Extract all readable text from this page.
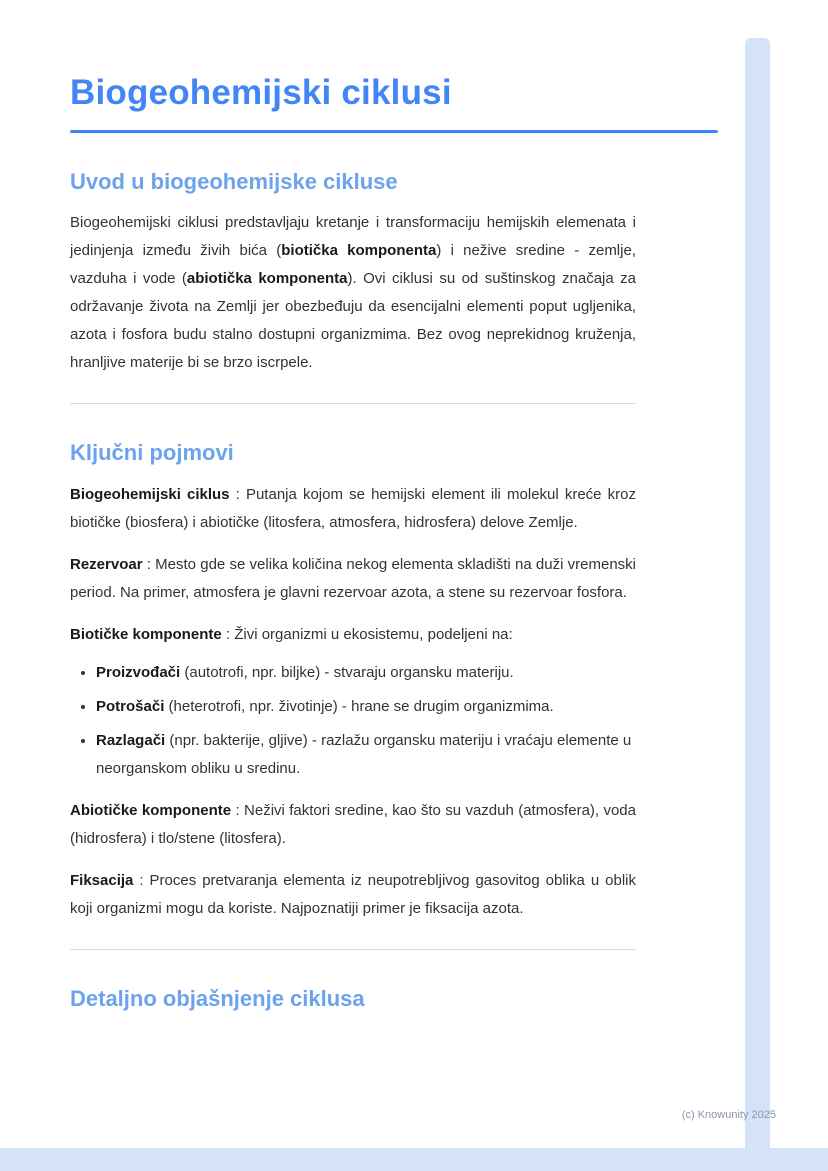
Biogeohemijski ciklusi
Uvod u biogeohemijske cikluse

Biogeohemijski ciklusi predstavljaju kretanje i transformaciju hemijskih elemenata i jedinjenja između živih bića (biotička komponenta) i nežive sredine - zemlje, vazduha i vode (abiotička komponenta). Ovi ciklusi su od suštinskog značaja za održavanje života na Zemlji jer obezbeđuju da esencijalni elementi poput ugljenika, azota i fosfora budu stalno dostupni organizmima. Bez ovog neprekidnog kruženja, hranljive materije bi se brzo iscrpele.

Ključni pojmovi

Biogeohemijski ciklus : Putanja kojom se hemijski element ili molekul kreće kroz biotičke (biosfera) i abiotičke (litosfera, atmosfera, hidrosfera) delove Zemlje.

Rezervoar : Mesto gde se velika količina nekog elementa skladišti na duži vremenski period. Na primer, atmosfera je glavni rezervoar azota, a stene su rezervoar fosfora.

Biotičke komponente : Živi organizmi u ekosistemu, podeljeni na:

• Proizvođači (autotrofi, npr. biljke) - stvaraju organsku materiju.
• Potrošači (heterotrofi, npr. životinje) - hrane se drugim organizmima.
• Razlagači (npr. bakterije, gljive) - razlažu organsku materiju i vraćaju elemente u neorganskom obliku u sredinu.

Abiotičke komponente : Neživi faktori sredine, kao što su vazduh (atmosfera), voda (hidrosfera) i tlo/stene (litosfera).

Fiksacija : Proces pretvaranja elementa iz neupotrebljivog gasovitog oblika u oblik koji organizmi mogu da koriste. Najpoznatiji primer je fiksacija azota.

Detaljno objašnjenje ciklusa
(c) Knowunity 2025
